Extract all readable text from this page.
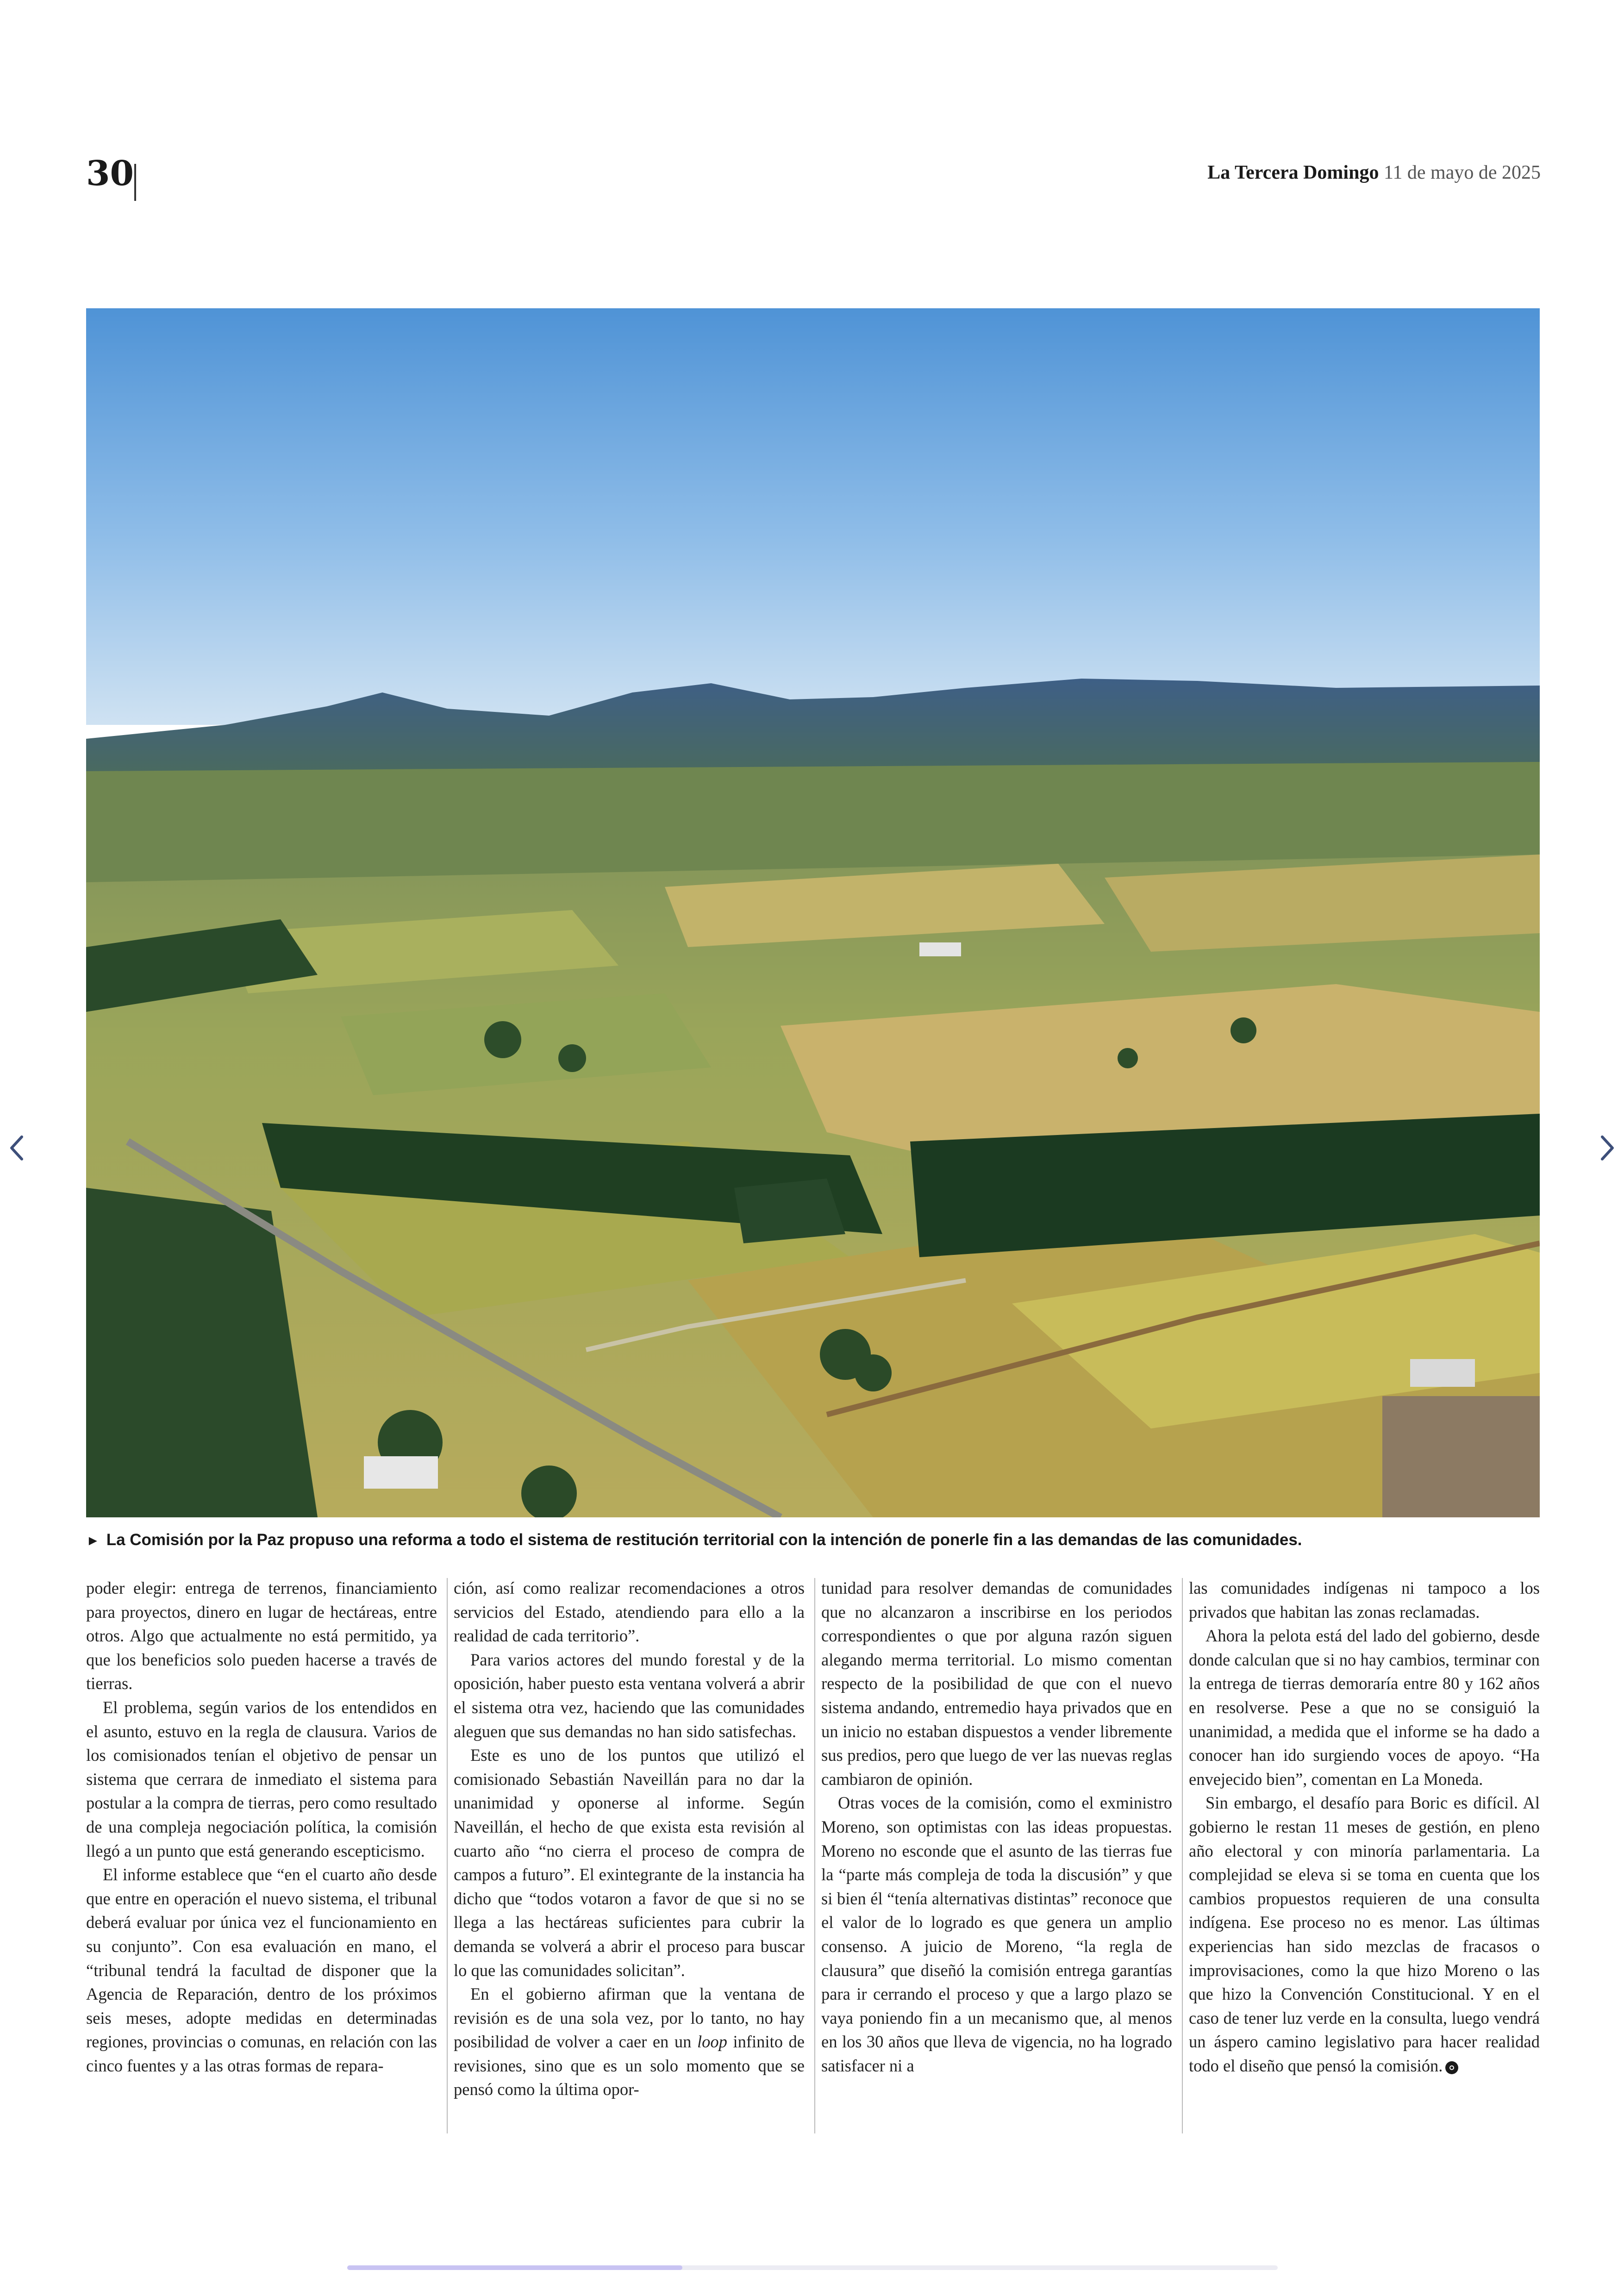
30	La Tercera Domingo 11 de mayo de 2025
► La Comisión por la Paz propuso una reforma a todo el sistema de restitución territorial con la intención de ponerle fin a las demandas de las comunidades.

poder elegir: entrega de terrenos, financiamiento para proyectos, dinero en lugar de hectáreas, entre otros. Algo que actualmente no está permitido, ya que los beneficios solo pueden hacerse a través de tierras.

El problema, según varios de los entendidos en el asunto, estuvo en la regla de clausura. Varios de los comisionados tenían el objetivo de pensar un sistema que cerrara de inmediato el sistema para postular a la compra de tierras, pero como resultado de una compleja negociación política, la comisión llegó a un punto que está generando escepticismo.

El informe establece que “en el cuarto año desde que entre en operación el nuevo sistema, el tribunal deberá evaluar por única vez el funcionamiento en su conjunto”. Con esa evaluación en mano, el “tribunal tendrá la facultad de disponer que la Agencia de Reparación, dentro de los próximos seis meses, adopte medidas en determinadas regiones, provincias o comunas, en relación con las cinco fuentes y a las otras formas de repara-

ción, así como realizar recomendaciones a otros servicios del Estado, atendiendo para ello a la realidad de cada territorio”.

Para varios actores del mundo forestal y de la oposición, haber puesto esta ventana volverá a abrir el sistema otra vez, haciendo que las comunidades aleguen que sus demandas no han sido satisfechas.

Este es uno de los puntos que utilizó el comisionado Sebastián Naveillán para no dar la unanimidad y oponerse al informe. Según Naveillán, el hecho de que exista esta revisión al cuarto año “no cierra el proceso de compra de campos a futuro”. El exintegrante de la instancia ha dicho que “todos votaron a favor de que si no se llega a las hectáreas suficientes para cubrir la demanda se volverá a abrir el proceso para buscar lo que las comunidades solicitan”.

En el gobierno afirman que la ventana de revisión es de una sola vez, por lo tanto, no hay posibilidad de volver a caer en un loop infinito de revisiones, sino que es un solo momento que se pensó como la última opor-

tunidad para resolver demandas de comunidades que no alcanzaron a inscribirse en los periodos correspondientes o que por alguna razón siguen alegando merma territorial. Lo mismo comentan respecto de la posibilidad de que con el nuevo sistema andando, entremedio haya privados que en un inicio no estaban dispuestos a vender libremente sus predios, pero que luego de ver las nuevas reglas cambiaron de opinión.

Otras voces de la comisión, como el exministro Moreno, son optimistas con las ideas propuestas. Moreno no esconde que el asunto de las tierras fue la “parte más compleja de toda la discusión” y que si bien él “tenía alternativas distintas” reconoce que el valor de lo logrado es que genera un amplio consenso. A juicio de Moreno, “la regla de clausura” que diseñó la comisión entrega garantías para ir cerrando el proceso y que a largo plazo se vaya poniendo fin a un mecanismo que, al menos en los 30 años que lleva de vigencia, no ha logrado satisfacer ni a

las comunidades indígenas ni tampoco a los privados que habitan las zonas reclamadas.

Ahora la pelota está del lado del gobierno, desde donde calculan que si no hay cambios, terminar con la entrega de tierras demoraría entre 80 y 162 años en resolverse. Pese a que no se consiguió la unanimidad, a medida que el informe se ha dado a conocer han ido surgiendo voces de apoyo. “Ha envejecido bien”, comentan en La Moneda.

Sin embargo, el desafío para Boric es difícil. Al gobierno le restan 11 meses de gestión, en pleno año electoral y con minoría parlamentaria. La complejidad se eleva si se toma en cuenta que los cambios propuestos requieren de una consulta indígena. Ese proceso no es menor. Las últimas experiencias han sido mezclas de fracasos o improvisaciones, como la que hizo Moreno o las que hizo la Convención Constitucional. Y en el caso de tener luz verde en la consulta, luego vendrá un áspero camino legislativo para hacer realidad todo el diseño que pensó la comisión.
